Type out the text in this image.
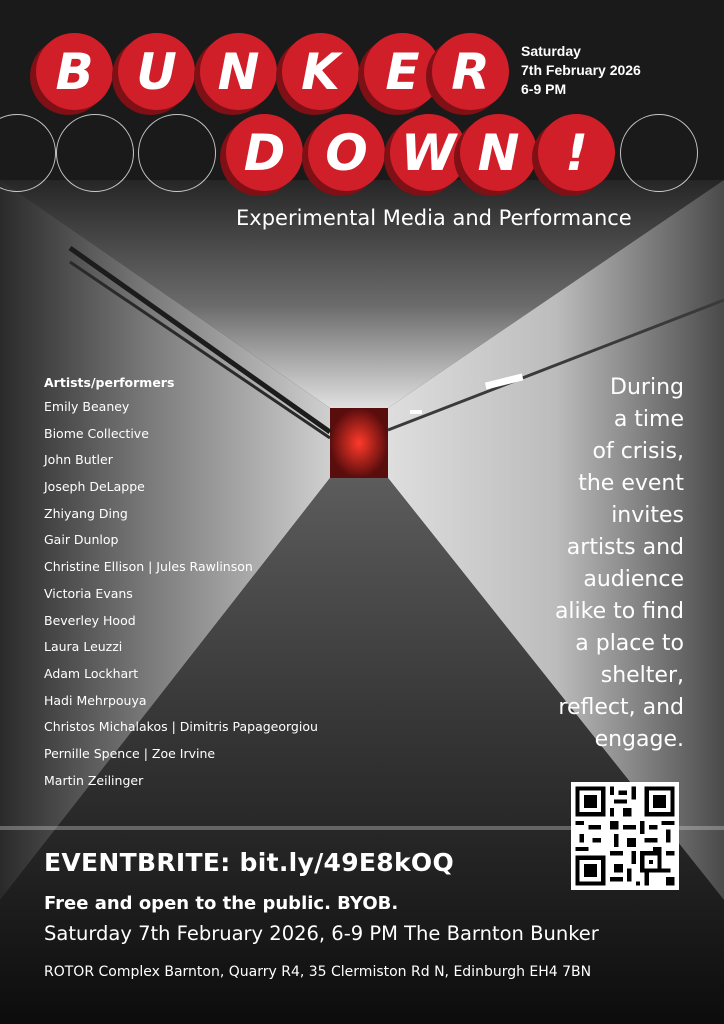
B U N K E R
D O W N !
Saturday
7th February 2026
6-9 PM
Experimental Media and Performance
Artists/performers
Emily Beaney
Biome Collective
John Butler
Joseph DeLappe
Zhiyang Ding
Gair Dunlop
Christine Ellison | Jules Rawlinson
Victoria Evans
Beverley Hood
Laura Leuzzi
Adam Lockhart
Hadi Mehrpouya
Christos Michalakos | Dimitris Papageorgiou
Pernille Spence | Zoe Irvine
Martin Zeilinger
During
a time
of crisis,
the event
invites
artists and
audience
alike to find
a place to
shelter,
reflect, and
engage.
EVENTBRITE: bit.ly/49E8kOQ
Free and open to the public. BYOB.
Saturday 7th February 2026, 6-9 PM The Barnton Bunker
ROTOR Complex Barnton, Quarry R4, 35 Clermiston Rd N, Edinburgh EH4 7BN
